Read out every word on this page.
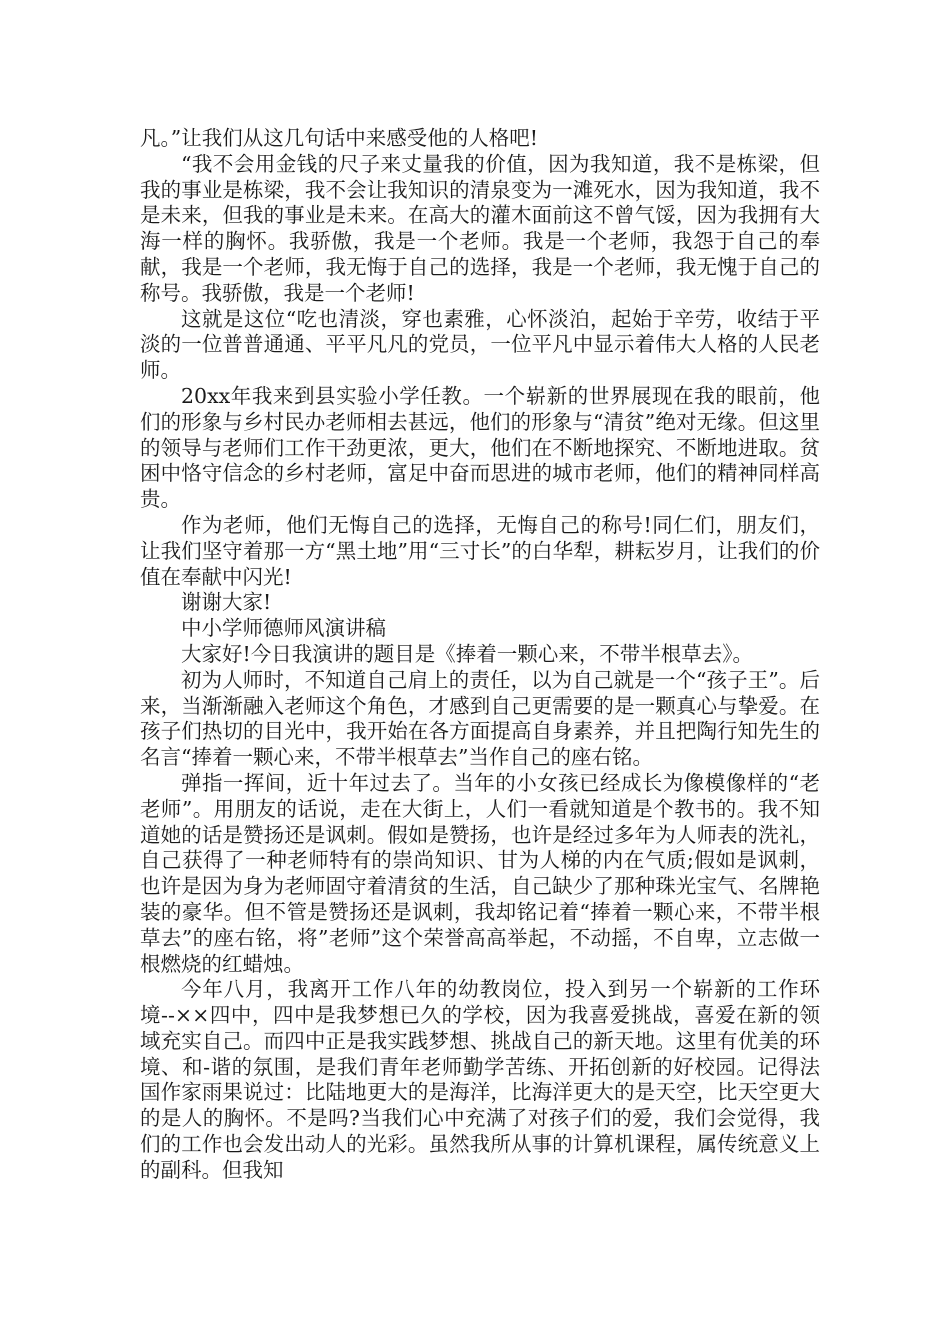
凡。”让我们从这几句话中来感受他的人格吧!

“我不会用金钱的尺子来丈量我的价值，因为我知道，我不是栋梁，但我的事业是栋梁，我不会让我知识的清泉变为一滩死水，因为我知道，我不是未来，但我的事业是未来。在高大的灌木面前这不曾气馁，因为我拥有大海一样的胸怀。我骄傲，我是一个老师。我是一个老师，我怨于自己的奉献，我是一个老师，我无悔于自己的选择，我是一个老师，我无愧于自己的称号。我骄傲，我是一个老师!

这就是这位“吃也清淡，穿也素雅，心怀淡泊，起始于辛劳，收结于平淡的一位普普通通、平平凡凡的党员，一位平凡中显示着伟大人格的人民老师。

20xx年我来到县实验小学任教。一个崭新的世界展现在我的眼前，他们的形象与乡村民办老师相去甚远，他们的形象与“清贫”绝对无缘。但这里的领导与老师们工作干劲更浓，更大，他们在不断地探究、不断地进取。贫困中恪守信念的乡村老师，富足中奋而思进的城市老师，他们的精神同样高贵。

作为老师，他们无悔自己的选择，无悔自己的称号!同仁们，朋友们，让我们坚守着那一方“黑土地”用“三寸长”的白华犁，耕耘岁月，让我们的价值在奉献中闪光!

谢谢大家!

中小学师德师风演讲稿

大家好!今日我演讲的题目是《捧着一颗心来，不带半根草去》。

初为人师时，不知道自己肩上的责任，以为自己就是一个“孩子王”。后来，当渐渐融入老师这个角色，才感到自己更需要的是一颗真心与挚爱。在孩子们热切的目光中，我开始在各方面提高自身素养，并且把陶行知先生的名言“捧着一颗心来，不带半根草去”当作自己的座右铭。

弹指一挥间，近十年过去了。当年的小女孩已经成长为像模像样的“老老师”。用朋友的话说，走在大街上，人们一看就知道是个教书的。我不知道她的话是赞扬还是讽刺。假如是赞扬，也许是经过多年为人师表的洗礼，自己获得了一种老师特有的崇尚知识、甘为人梯的内在气质;假如是讽刺，也许是因为身为老师固守着清贫的生活，自己缺少了那种珠光宝气、名牌艳装的豪华。但不管是赞扬还是讽刺，我却铭记着“捧着一颗心来，不带半根草去”的座右铭，将”老师”这个荣誉高高举起，不动摇，不自卑，立志做一根燃烧的红蜡烛。

今年八月，我离开工作八年的幼教岗位，投入到另一个崭新的工作环境--××四中，四中是我梦想已久的学校，因为我喜爱挑战，喜爱在新的领域充实自己。而四中正是我实践梦想、挑战自己的新天地。这里有优美的环境、和-谐的氛围，是我们青年老师勤学苦练、开拓创新的好校园。记得法国作家雨果说过：比陆地更大的是海洋，比海洋更大的是天空，比天空更大的是人的胸怀。不是吗?当我们心中充满了对孩子们的爱，我们会觉得，我们的工作也会发出动人的光彩。虽然我所从事的计算机课程，属传统意义上的副科。但我知
